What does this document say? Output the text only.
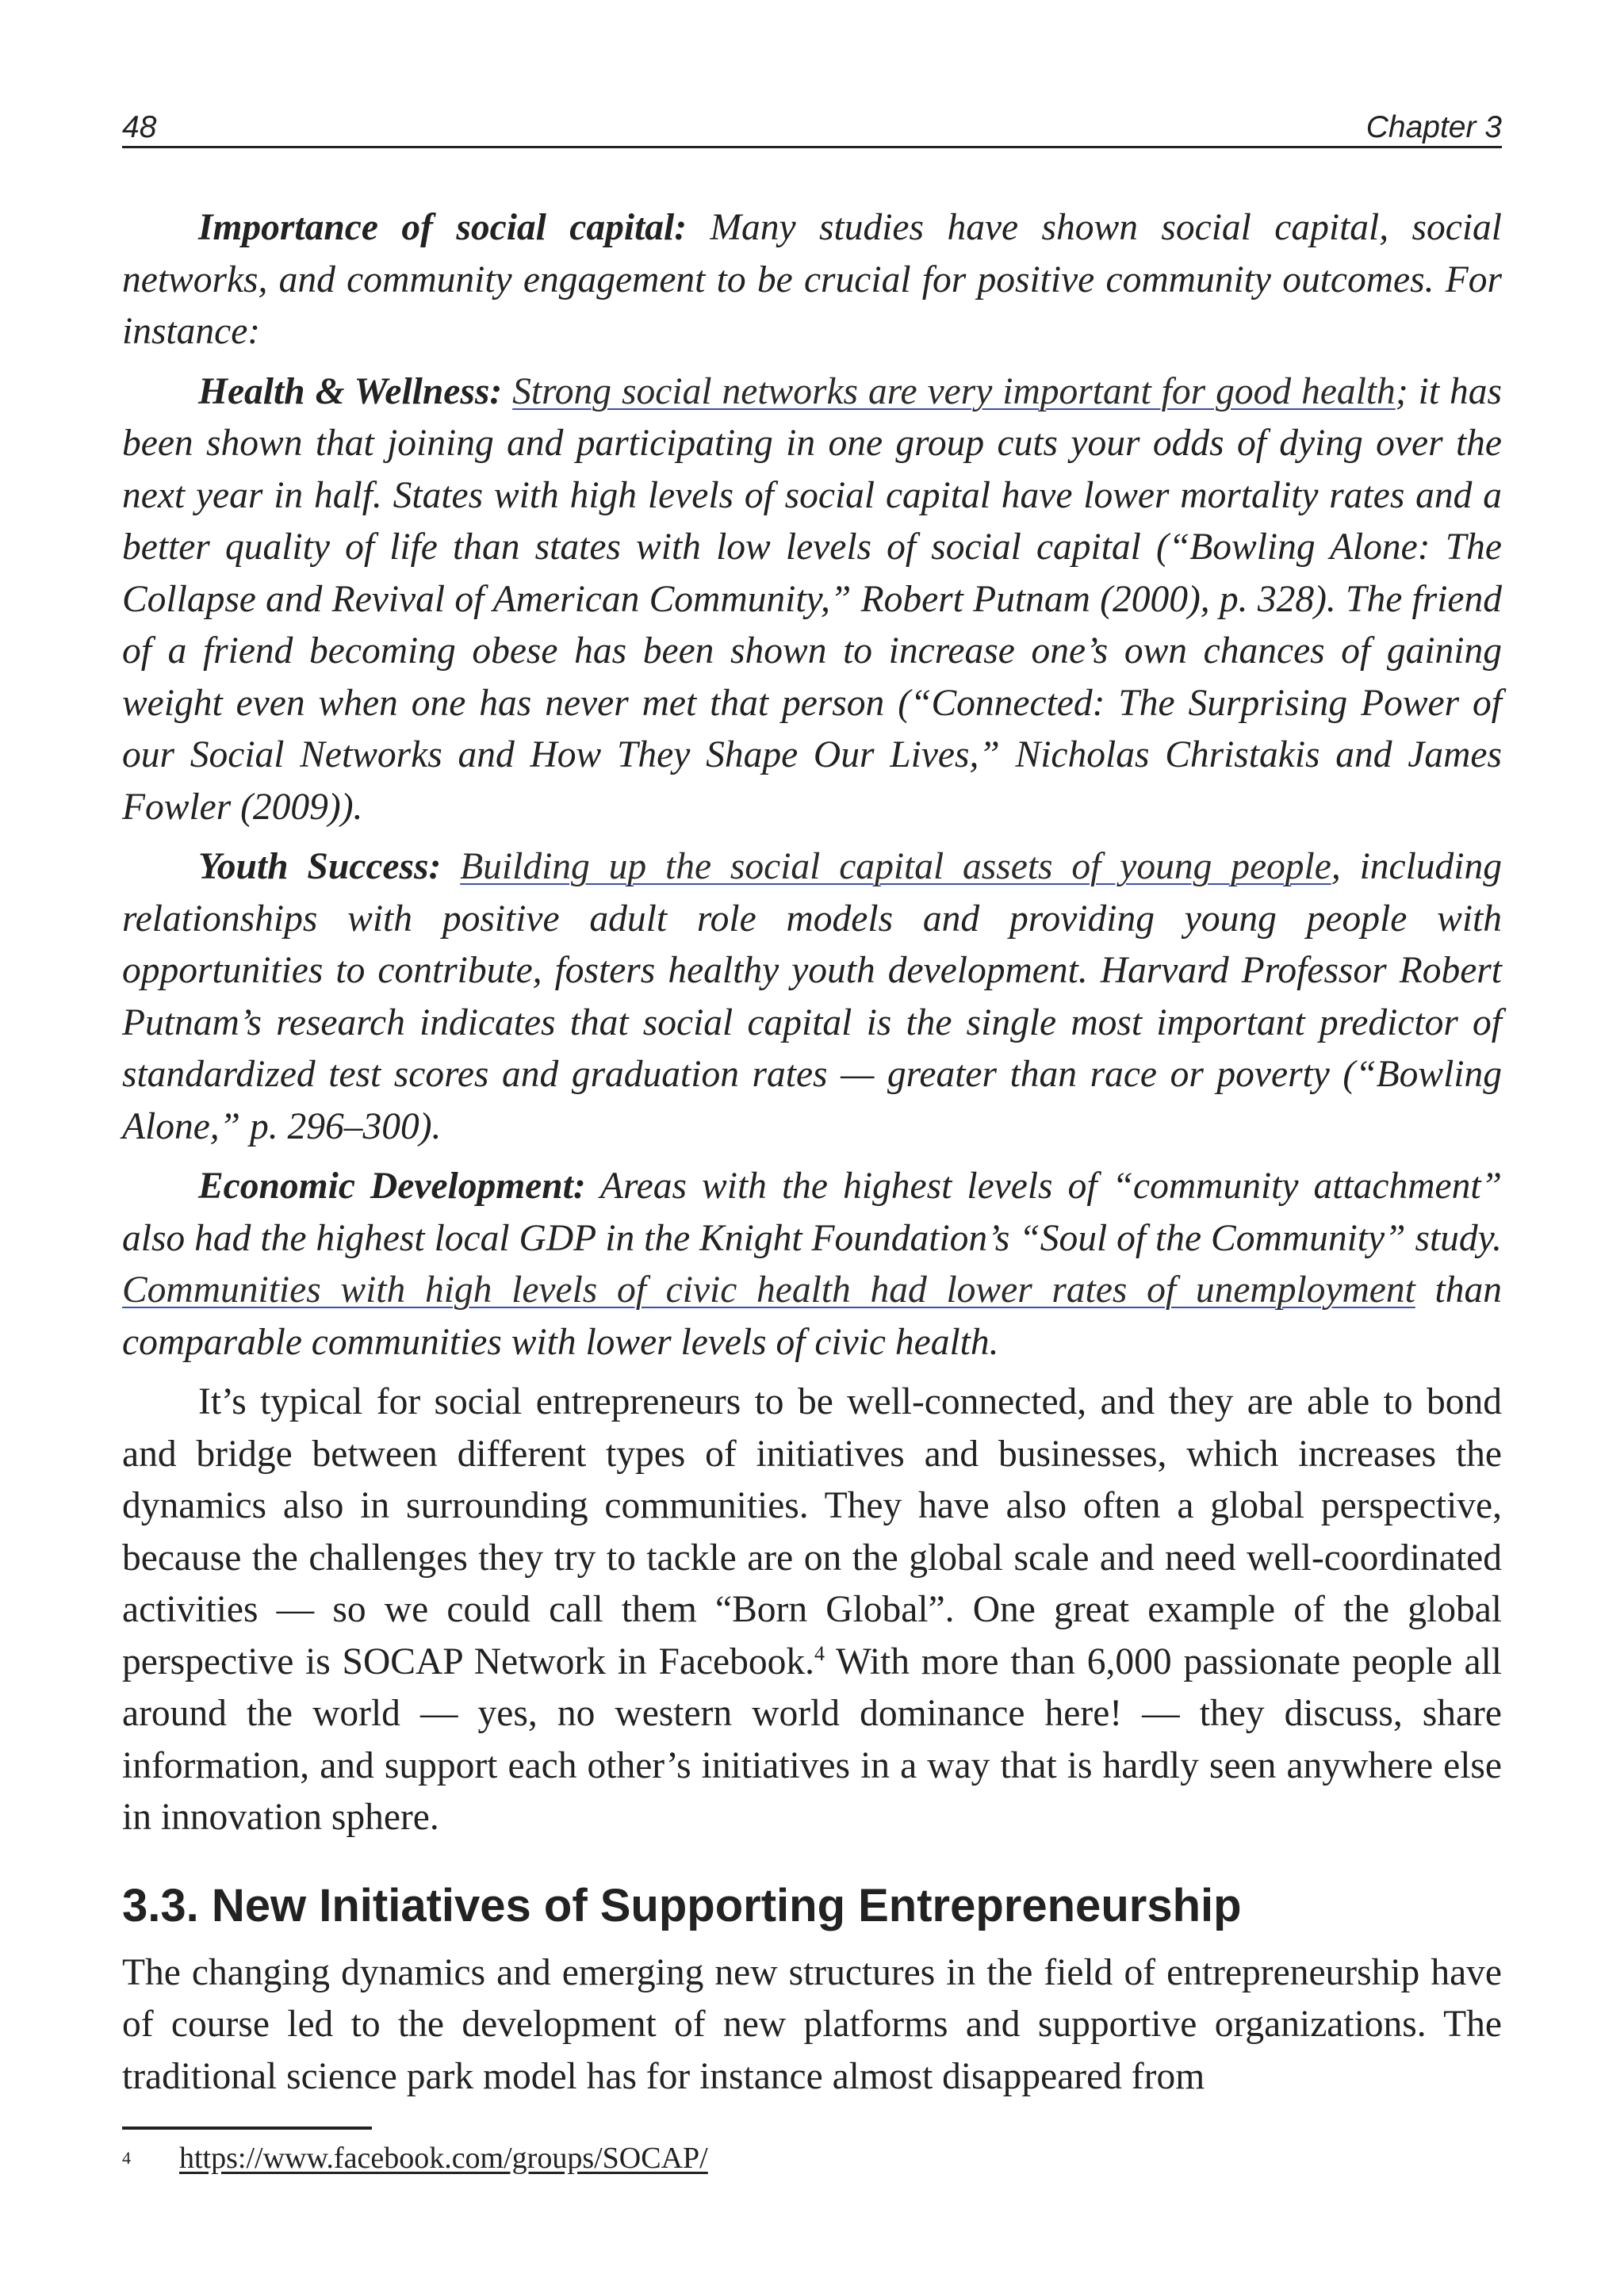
48	Chapter 3

Importance of social capital: Many studies have shown social capital, social networks, and community engagement to be crucial for positive community outcomes. For instance:

Health & Wellness: Strong social networks are very important for good health; it has been shown that joining and participating in one group cuts your odds of dying over the next year in half. States with high levels of social capital have lower mortality rates and a better quality of life than states with low levels of social capital (“Bowling Alone: The Collapse and Revival of American Community,” Robert Putnam (2000), p. 328). The friend of a friend becoming obese has been shown to increase one’s own chances of gaining weight even when one has never met that person (“Connected: The Surprising Power of our Social Networks and How They Shape Our Lives,” Nicholas Christakis and James Fowler (2009)).

Youth Success: Building up the social capital assets of young people, including relationships with positive adult role models and providing young people with opportunities to contribute, fosters healthy youth development. Harvard Professor Robert Putnam’s research indicates that social capital is the single most important predictor of standardized test scores and graduation rates — greater than race or poverty (“Bowling Alone,” p. 296–300).

Economic Development: Areas with the highest levels of “community attachment” also had the highest local GDP in the Knight Foundation’s “Soul of the Community” study. Communities with high levels of civic health had lower rates of unemployment than comparable communities with lower levels of civic health.

It’s typical for social entrepreneurs to be well-connected, and they are able to bond and bridge between different types of initiatives and businesses, which increases the dynamics also in surrounding communities. They have also often a global perspective, because the challenges they try to tackle are on the global scale and need well-coordinated activities — so we could call them “Born Global”. One great example of the global perspective is SOCAP Network in Facebook.$^4$ With more than 6,000 passionate people all around the world — yes, no western world dominance here! — they discuss, share information, and support each other’s initiatives in a way that is hardly seen anywhere else in innovation sphere.

3.3. New Initiatives of Supporting Entrepreneurship

The changing dynamics and emerging new structures in the field of entrepreneurship have of course led to the development of new platforms and supportive organizations. The traditional science park model has for instance almost disappeared from

$^4$ https://www.facebook.com/groups/SOCAP/
